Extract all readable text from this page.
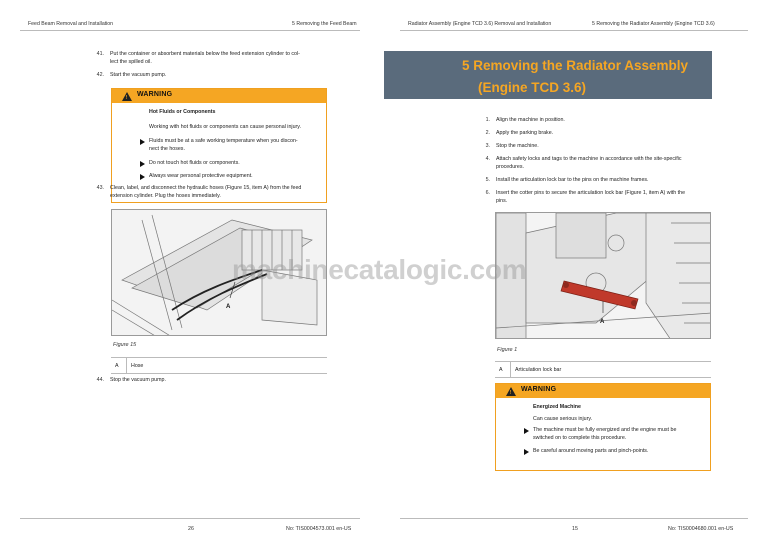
Feed Beam Removal and Installation	5 Removing the Feed Beam	Radiator Assembly (Engine TCD 3.6) Removal and Installation	5 Removing the Radiator Assembly (Engine TCD 3.6)
41. Put the container or absorbent materials below the feed extension cylinder to col-
lect the spilled oil.
42. Start the vacuum pump.
!
WARNING
Hot Fluids or Components
Working with hot fluids or components can cause personal injury.
Fluids must be at a safe working temperature when you discon-
nect the hoses.
Do not touch hot fluids or components.
Always wear personal protective equipment.
43. Clean, label, and disconnect the hydraulic hoses (Figure 15, item A) from the feed
extension cylinder. Plug the hoses immediately.
A
Figure 15
A Hose
44. Stop the vacuum pump.
5 Removing the Radiator Assembly
(Engine TCD 3.6)
1. Align the machine in position.
2. Apply the parking brake.
3. Stop the machine.
4. Attach safety locks and tags to the machine in accordance with the site-specific
procedures.
5. Install the articulation lock bar to the pins on the machine frames.
6. Insert the cotter pins to secure the articulation lock bar (Figure 1, item A) with the
pins.
A
Figure 1
A Articulation lock bar
!
WARNING
Energized Machine
Can cause serious injury.
The machine must be fully energized and the engine must be
switched on to complete this procedure.
Be careful around moving parts and pinch-points.
machinecatalogic.com
26	No: TIS0004573.001 en-US	15	No: TIS0004680.001 en-US
